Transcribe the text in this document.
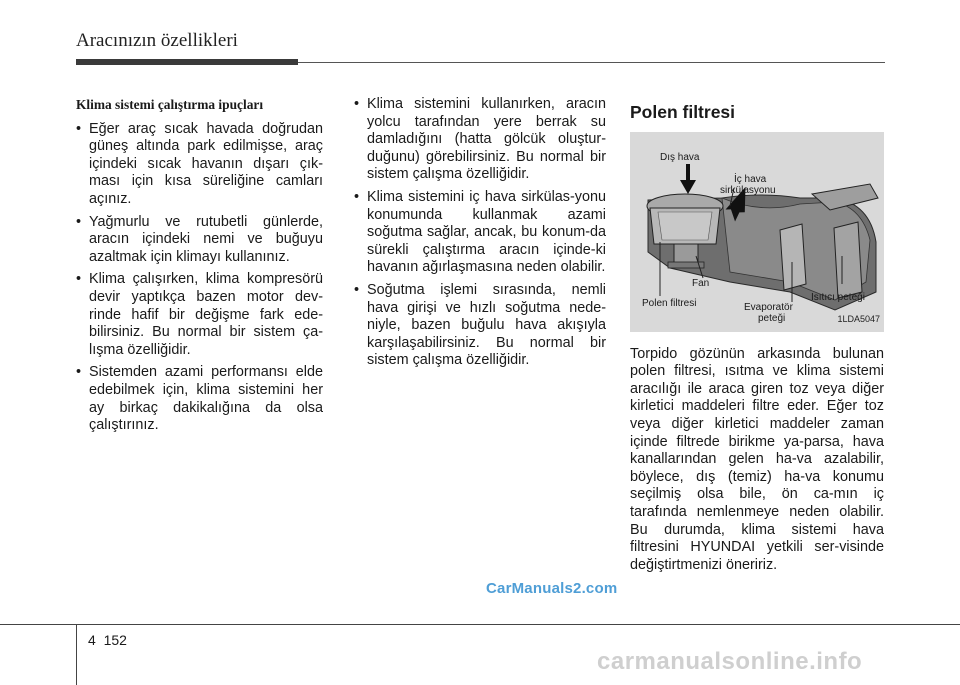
Aracınızın özellikleri
Klima sistemi çalıştırma ipuçları
• Eğer araç sıcak havada doğrudan güneş altında park edilmişse, araç içindeki sıcak havanın dışarı çık-ması için kısa süreliğine camları açınız.
• Yağmurlu ve rutubetli günlerde, aracın içindeki nemi ve buğuyu azaltmak için klimayı kullanınız.
• Klima çalışırken, klima kompresörü devir yaptıkça bazen motor dev-rinde hafif bir değişme fark ede-bilirsiniz. Bu normal bir sistem ça-lışma özelliğidir.
• Sistemden azami performansı elde edebilmek için, klima sistemini her ay birkaç dakikalığına da olsa çalıştırınız.
• Klima sistemini kullanırken, aracın yolcu tarafından yere berrak su damladığını (hatta gölcük oluştur-duğunu) görebilirsiniz. Bu normal bir sistem çalışma özelliğidir.
• Klima sistemini iç hava sirkülas-yonu konumunda kullanmak azami soğutma sağlar, ancak, bu konum-da sürekli çalıştırma aracın içinde-ki havanın ağırlaşmasına neden olabilir.
• Soğutma işlemi sırasında, nemli hava girişi ve hızlı soğutma nede-niyle, bazen buğulu hava akışıyla karşılaşabilirsiniz. Bu normal bir sistem çalışma özelliğidir.
Polen filtresi
Dış hava
İç hava
sirkülasyonu
Fan
Polen filtresi	Evaporatör
peteği
Isıtıcı peteği
1LDA5047
Torpido gözünün arkasında bulunan polen filtresi, ısıtma ve klima sistemi aracılığı ile araca giren toz veya diğer kirletici maddeleri filtre eder. Eğer toz veya diğer kirletici maddeler zaman içinde filtrede birikme ya-parsa, hava kanallarından gelen ha-va azalabilir, böylece, dış (temiz) ha-va konumu seçilmiş olsa bile, ön ca-mın iç tarafında nemlenmeye neden olabilir. Bu durumda, klima sistemi hava filtresini HYUNDAI yetkili ser-visinde değiştirtmenizi öneririz.
CarManuals2.com
4 152
carmanualsonline.info
